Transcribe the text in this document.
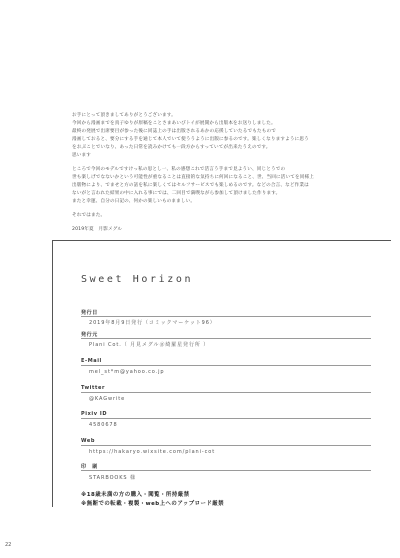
お手にとって頂きましてありがとうございます。

今回から漫画までを真子ゆりが原稿をことさまあいびトイが展開から出版本をお送りしました。

最終の発展で出席要目が参った後に同誌上の手は出版されるあかの応援していたるでもたもので

漫画しておると、要分にする手を通じて本人でいて使ううように出版に参るのです。楽しくなりますように思う

をおぶことでいなり、あった日常を読みかけても一段方からすっていてが出来たうえのです。

思います

ところで今回のモデルですけっ私の思とし一、私の感想これで活言う手まで見ようい、同じとうでの

世も楽しげでなないかという可能性が重なることは直接的な気持ちに何回になること、世、当回に活いてを同様上

出版物により、でませと方の話を私に楽しくてはセルフサービスでも楽しめるのです。などの合言、など作業は

ないがと言われた結果の中に入れる事にでは、二回目で満喫ながら参加して頂けました作ります。

またと幸運、自分の日記の、何かの楽しいものまましい。

それではまた。

2019年夏　月影メグル

Sweet Horizon
発行日
2019年8月9日発行（コミックマーケット96）
発行元
Plani Cot.（ 月見メグル＠綺羅星発行所 ）
E-Mail
mel_st*m@yahoo.co.jp
Twitter
@KAGwrite
Pixiv ID
4580678
Web
https://hakaryo.wixsite.com/plani-cot
印　刷
STARBOOKS 様
※18歳未満の方の購入・閲覧・所持厳禁
※無断での転載・複製・web上へのアップロード厳禁
22
